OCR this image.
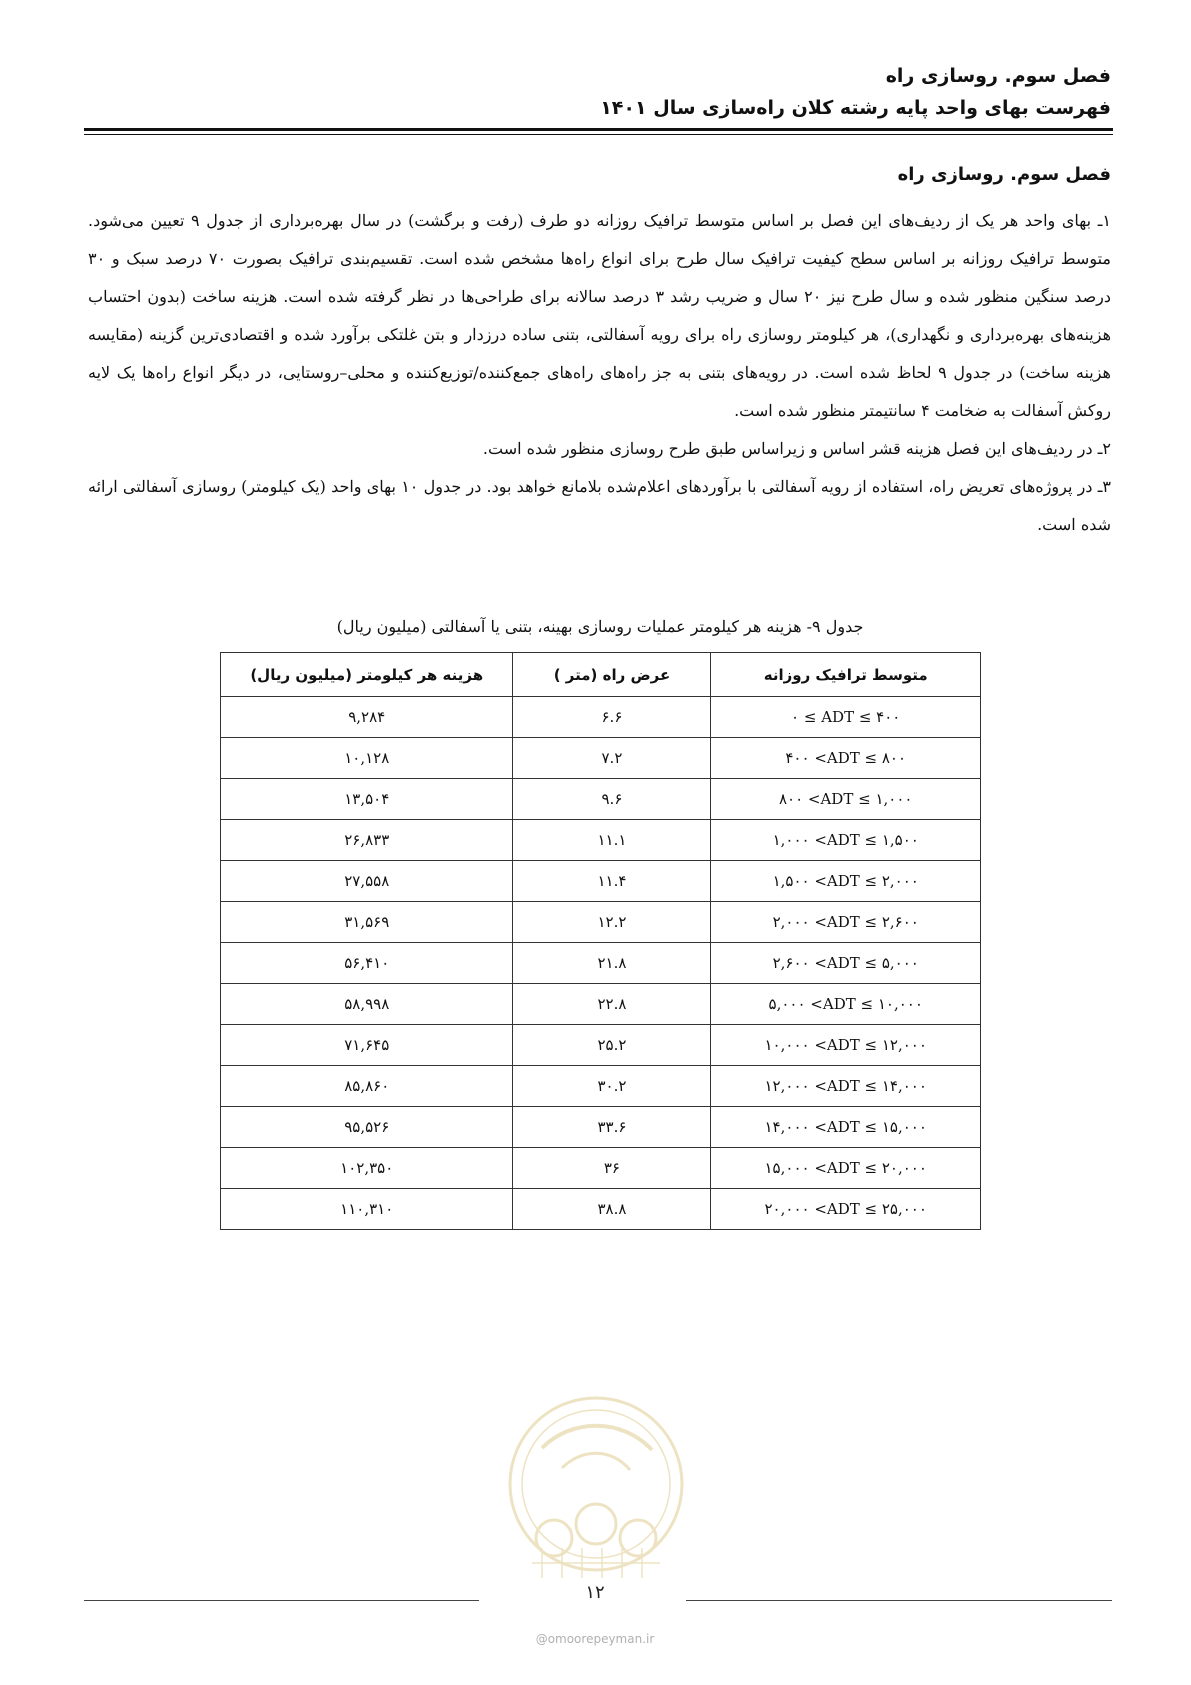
فصل سوم. روسازی راه
فهرست بهای واحد پایه رشته کلان راه‌سازی سال ۱۴۰۱
فصل سوم. روسازی راه

۱ـ بهای واحد هر یک از ردیف‌های این فصل بر اساس متوسط ترافیک روزانه دو طرف (رفت و برگشت) در سال بهره‌برداری از جدول ۹ تعیین می‌شود. متوسط ترافیک روزانه بر اساس سطح کیفیت ترافیک سال طرح برای انواع راه‌ها مشخص شده است. تقسیم‌بندی ترافیک بصورت ۷۰ درصد سبک و ۳۰ درصد سنگین منظور شده و سال طرح نیز ۲۰ سال و ضریب رشد ۳ درصد سالانه برای طراحی‌ها در نظر گرفته شده است. هزینه ساخت (بدون احتساب هزینه‌های بهره‌برداری و نگهداری)، هر کیلومتر روسازی راه برای رویه آسفالتی، بتنی ساده درزدار و بتن غلتکی برآورد شده و اقتصادی‌ترین گزینه (مقایسه هزینه ساخت) در جدول ۹ لحاظ شده است. در رویه‌های بتنی به جز راه‌های راه‌های جمع‌کننده/توزیع‌کننده و محلی–روستایی، در دیگر انواع راه‌ها یک لایه روکش آسفالت به ضخامت ۴ سانتیمتر منظور شده است.

۲ـ در ردیف‌های این فصل هزینه قشر اساس و زیراساس طبق طرح روسازی منظور شده است.

۳ـ در پروژه‌های تعریض راه، استفاده از رویه آسفالتی با برآوردهای اعلام‌شده بلامانع خواهد بود. در جدول ۱۰ بهای واحد (یک کیلومتر) روسازی آسفالتی ارائه شده است.

جدول ۹- هزینه هر کیلومتر عملیات روسازی بهینه، بتنی یا آسفالتی (میلیون ریال)
متوسط ترافیک روزانه	عرض راه (متر )	هزینه هر کیلومتر (میلیون ریال)
۰ ≤ ADT ≤ ۴۰۰	۶.۶	۹,۲۸۴
۴۰۰ <ADT ≤ ۸۰۰	۷.۲	۱۰,۱۲۸
۸۰۰ <ADT ≤ ۱,۰۰۰	۹.۶	۱۳,۵۰۴
۱,۰۰۰ <ADT ≤ ۱,۵۰۰	۱۱.۱	۲۶,۸۳۳
۱,۵۰۰ <ADT ≤ ۲,۰۰۰	۱۱.۴	۲۷,۵۵۸
۲,۰۰۰ <ADT ≤ ۲,۶۰۰	۱۲.۲	۳۱,۵۶۹
۲,۶۰۰ <ADT ≤ ۵,۰۰۰	۲۱.۸	۵۶,۴۱۰
۵,۰۰۰ <ADT ≤ ۱۰,۰۰۰	۲۲.۸	۵۸,۹۹۸
۱۰,۰۰۰ <ADT ≤ ۱۲,۰۰۰	۲۵.۲	۷۱,۶۴۵
۱۲,۰۰۰ <ADT ≤ ۱۴,۰۰۰	۳۰.۲	۸۵,۸۶۰
۱۴,۰۰۰ <ADT ≤ ۱۵,۰۰۰	۳۳.۶	۹۵,۵۲۶
۱۵,۰۰۰ <ADT ≤ ۲۰,۰۰۰	۳۶	۱۰۲,۳۵۰
۲۰,۰۰۰ <ADT ≤ ۲۵,۰۰۰	۳۸.۸	۱۱۰,۳۱۰
۱۲
@omoorepeyman.ir
